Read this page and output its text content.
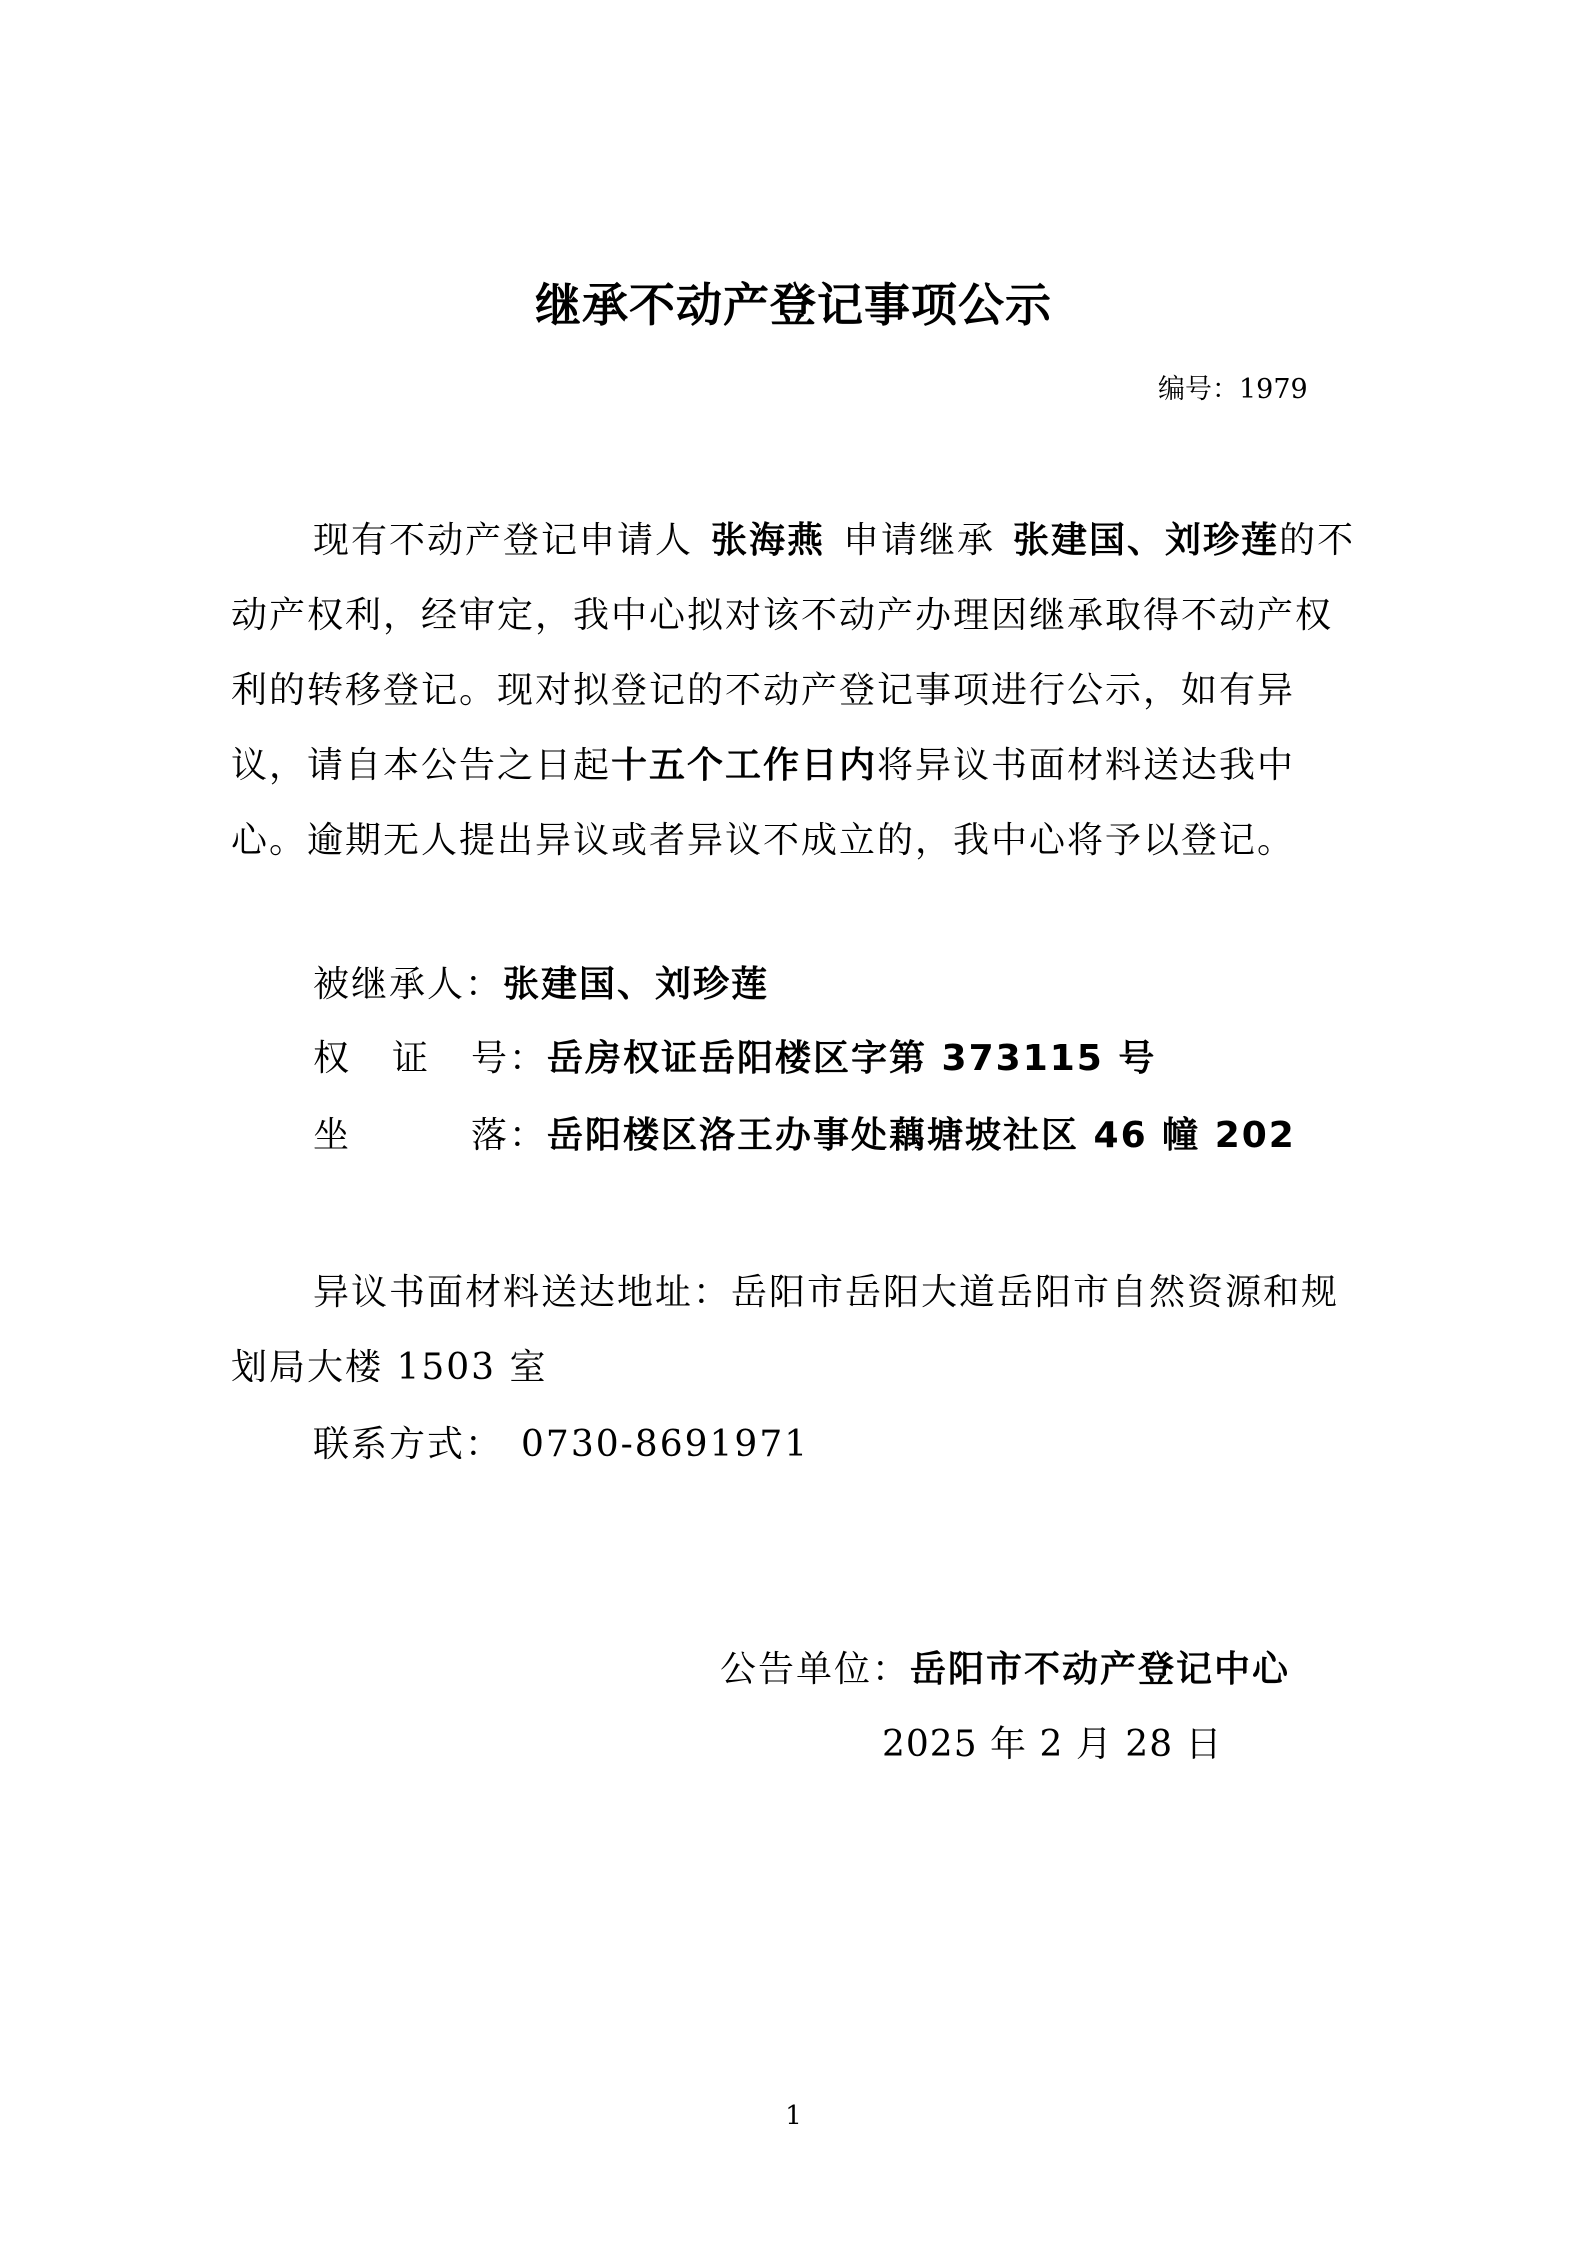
继承不动产登记事项公示
编号：1979
现有不动产登记申请人 张海燕 申请继承 张建国、刘珍莲的不动产权利，经审定，我中心拟对该不动产办理因继承取得不动产权利的转移登记。现对拟登记的不动产登记事项进行公示，如有异议，请自本公告之日起十五个工作日内将异议书面材料送达我中心。逾期无人提出异议或者异议不成立的，我中心将予以登记。
被继承人：张建国、刘珍莲
权证号：岳房权证岳阳楼区字第 373115 号
坐落：岳阳楼区洛王办事处藕塘坡社区 46 幢 202
异议书面材料送达地址：岳阳市岳阳大道岳阳市自然资源和规划局大楼 1503 室
联系方式： 0730-8691971
公告单位：岳阳市不动产登记中心
2025 年 2 月 28 日
1
